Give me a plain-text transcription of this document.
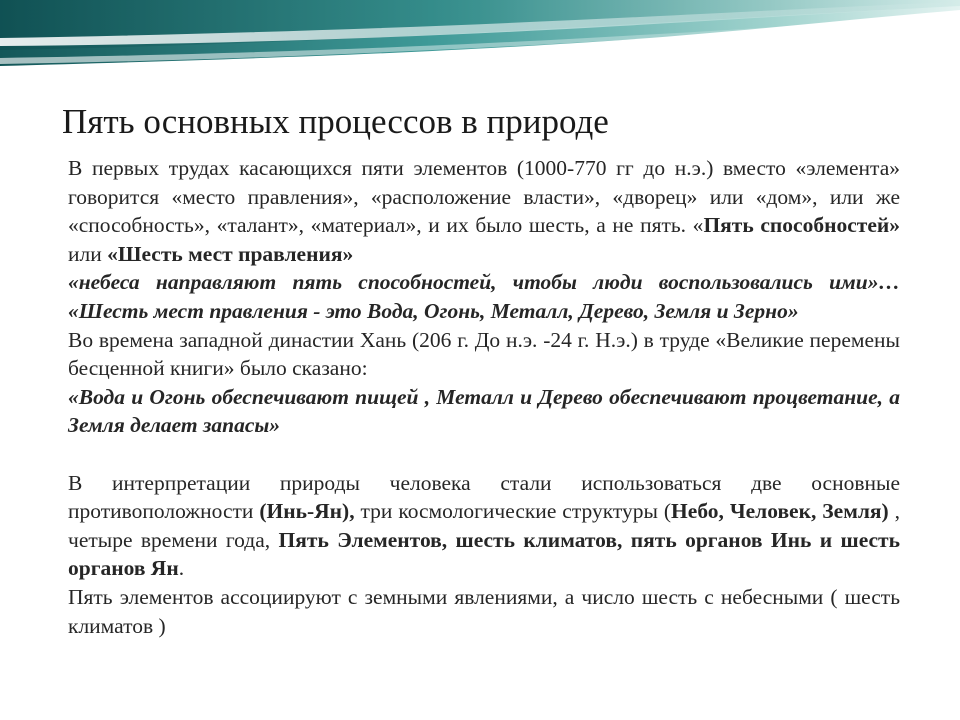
Пять основных процессов в природе

В первых трудах касающихся пяти элементов (1000-770 гг до н.э.) вместо «элемента» говорится «место правления», «расположение власти», «дворец» или «дом», или же «способность», «талант», «материал», и их было шесть, а не пять. «Пять способностей» или «Шесть мест правления»

«небеса направляют пять способностей, чтобы люди воспользовались ими»… «Шесть мест правления - это Вода, Огонь, Металл, Дерево, Земля и Зерно»

Во времена западной династии Хань (206 г. До н.э. -24 г. Н.э.) в труде «Великие перемены бесценной книги» было сказано:

«Вода и Огонь обеспечивают пищей , Металл и Дерево обеспечивают процветание, а Земля делает запасы»

В интерпретации природы человека стали использоваться две основные противоположности (Инь-Ян), три космологические структуры (Небо, Человек, Земля) , четыре времени года, Пять Элементов, шесть климатов, пять органов Инь и шесть органов Ян.

Пять элементов ассоциируют с земными явлениями, а число шесть с небесными ( шесть климатов )
